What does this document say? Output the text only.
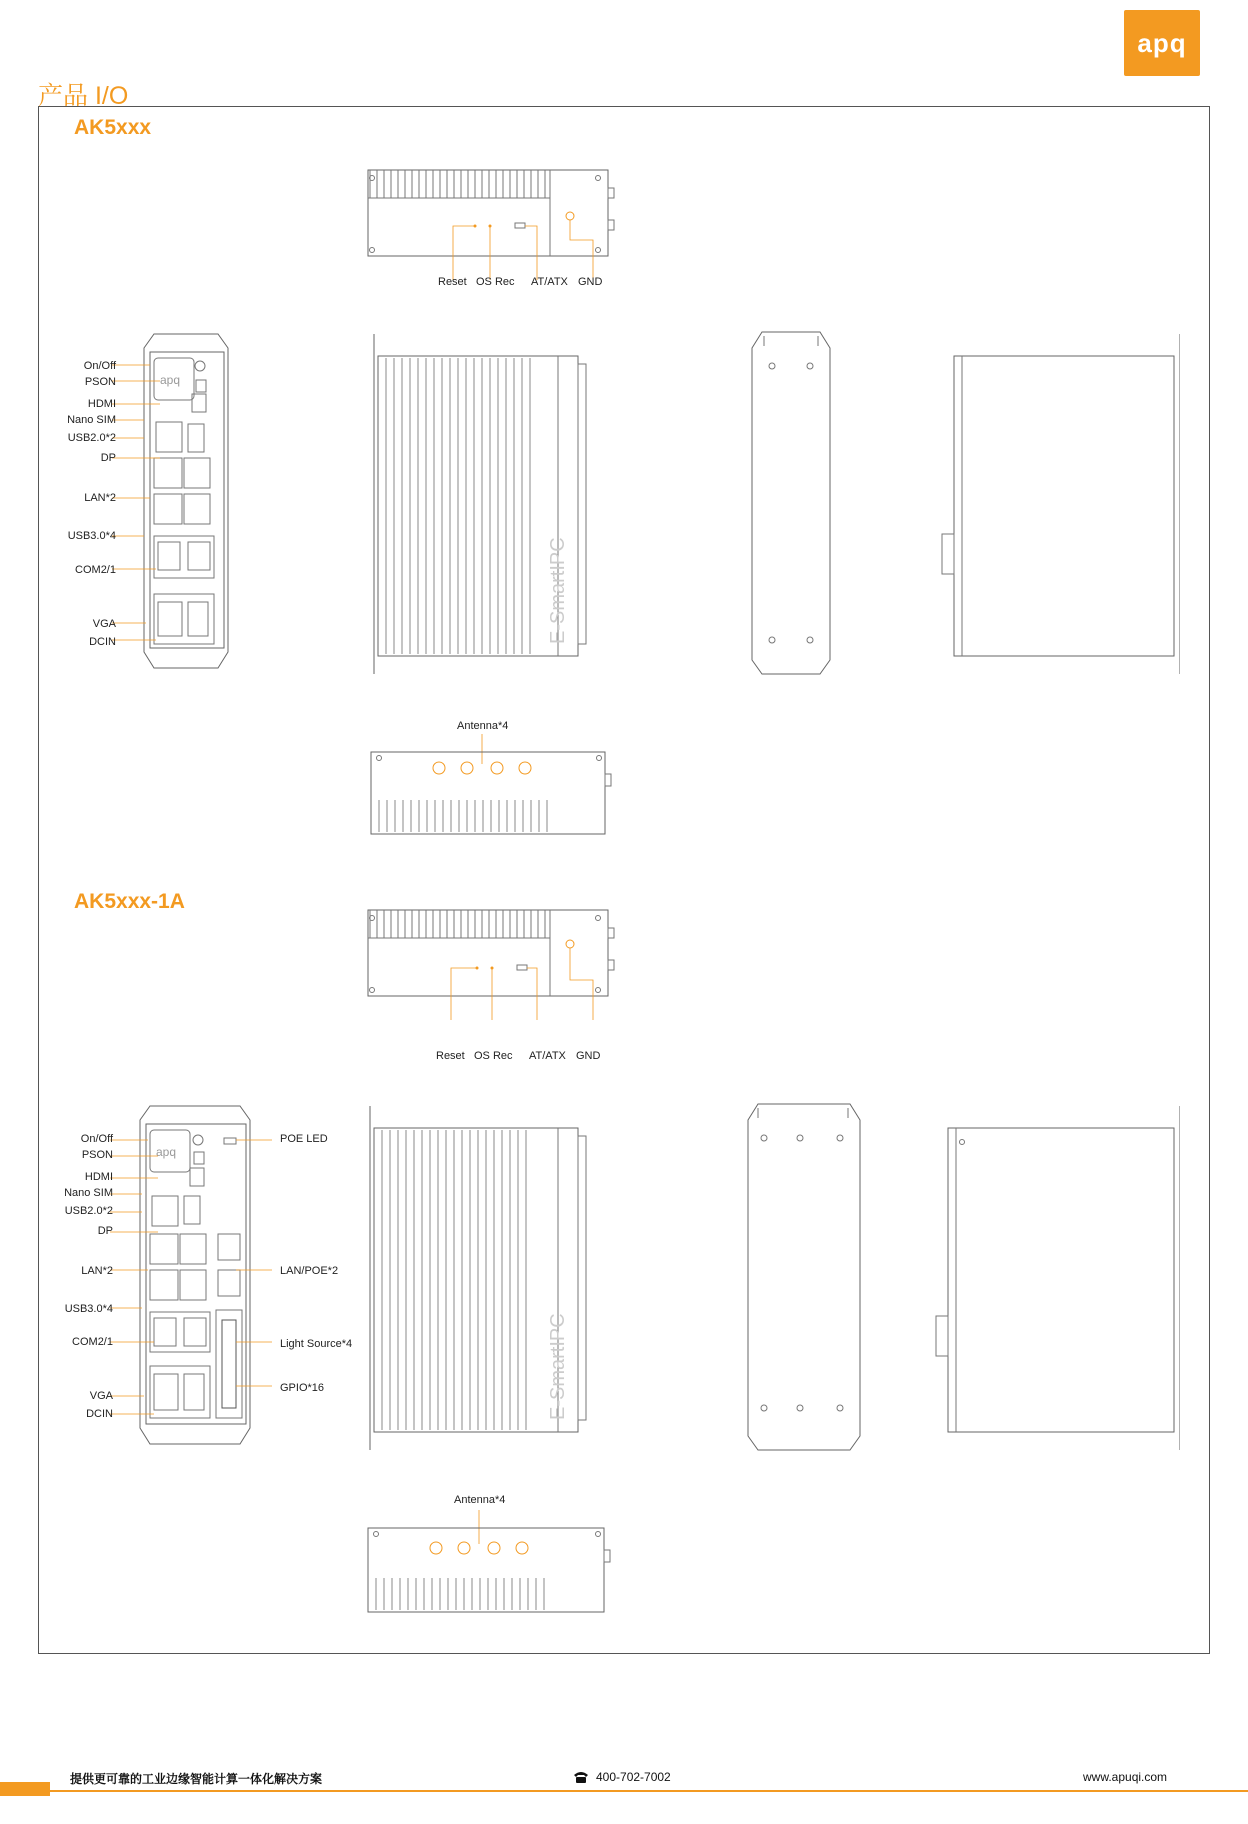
apq
产品 I/O
AK5xxx
Reset OS Rec AT/ATX GND
apq
On/Off
PSON
HDMI
Nano SIM
USB2.0*2
DP
LAN*2
USB3.0*4
COM2/1
VGA
DCIN	E-SmartIPC
Antenna*4
AK5xxx-1A
Reset OS Rec AT/ATX GND
apq
On/Off
PSON
HDMI
Nano SIM
USB2.0*2
DP
LAN*2
USB3.0*4
COM2/1
VGA
DCIN
POE LED
LAN/POE*2
Light Source*4
GPIO*16	E-SmartIPC
Antenna*4
提供更可靠的工业边缘智能计算一体化解决方案	400-702-7002	www.apuqi.com
